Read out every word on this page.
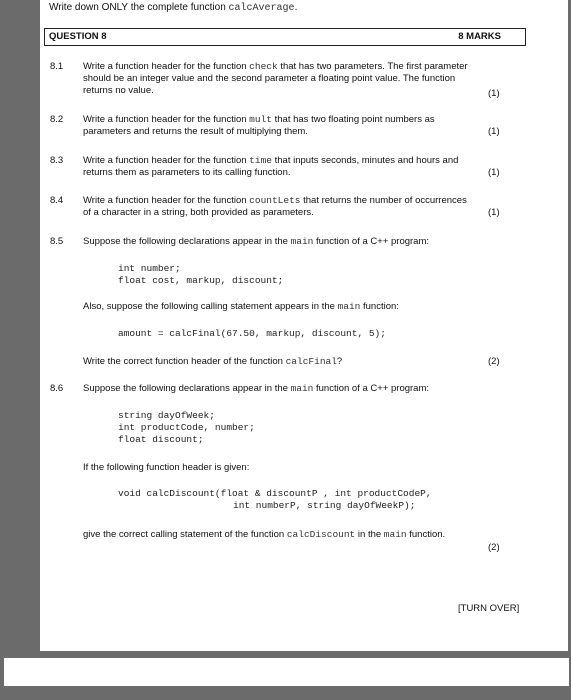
Write down ONLY the complete function calcAverage.
QUESTION 8	8 MARKS
8.1 Write a function header for the function check that has two parameters. The first parameter
should be an integer value and the second parameter a floating point value. The function
returns no value.	(1)
8.2 Write a function header for the function mult that has two floating point numbers as
parameters and returns the result of multiplying them.	(1)
8.3 Write a function header for the function time that inputs seconds, minutes and hours and
returns them as parameters to its calling function.	(1)
8.4 Write a function header for the function countLets that returns the number of occurrences
of a character in a string, both provided as parameters.	(1)
8.5 Suppose the following declarations appear in the main function of a C++ program:
int number;
float cost, markup, discount;
Also, suppose the following calling statement appears in the main function:
amount = calcFinal(67.50, markup, discount, 5);
Write the correct function header of the function calcFinal?	(2)
8.6 Suppose the following declarations appear in the main function of a C++ program:
string dayOfWeek;
int productCode, number;
float discount;
If the following function header is given:
void calcDiscount(float & discountP , int productCodeP,
int numberP, string dayOfWeekP);
give the correct calling statement of the function calcDiscount in the main function.
(2)
[TURN OVER]
